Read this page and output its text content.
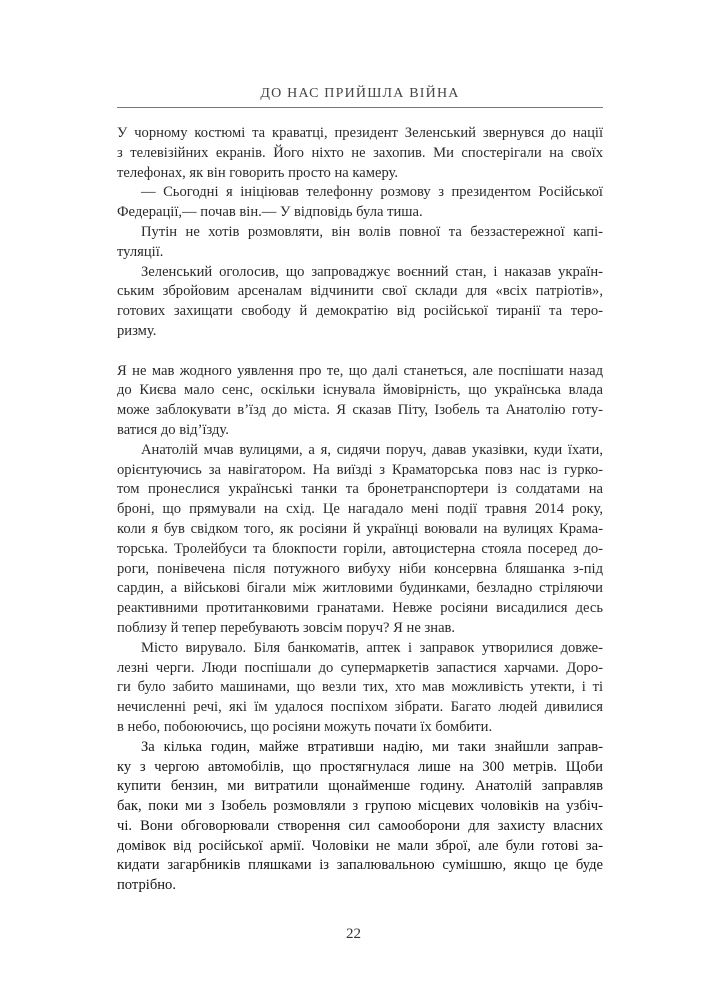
ДО НАС ПРИЙШЛА ВІЙНА
У чорному костюмі та краватці, президент Зеленський звернувся до нації
з телевізійних екранів. Його ніхто не захопив. Ми спостерігали на своїх
телефонах, як він говорить просто на камеру.
— Сьогодні я ініціював телефонну розмову з президентом Російської
Федерації,— почав він.— У відповідь була тиша.
Путін не хотів розмовляти, він волів повної та беззастережної капі-
туляції.
Зеленський оголосив, що запроваджує воєнний стан, і наказав україн-
ським збройовим арсеналам відчинити свої склади для «всіх патріотів»,
готових захищати свободу й демократію від російської тиранії та теро-
ризму.
Я не мав жодного уявлення про те, що далі станеться, але поспішати назад
до Києва мало сенс, оскільки існувала ймовірність, що українська влада
може заблокувати в’їзд до міста. Я сказав Піту, Ізобель та Анатолію готу-
ватися до від’їзду.
Анатолій мчав вулицями, а я, сидячи поруч, давав указівки, куди їхати,
орієнтуючись за навігатором. На виїзді з Краматорська повз нас із гурко-
том пронеслися українські танки та бронетранспортери із солдатами на
броні, що прямували на схід. Це нагадало мені події травня 2014 року,
коли я був свідком того, як росіяни й українці воювали на вулицях Крама-
торська. Тролейбуси та блокпости горіли, автоцистерна стояла посеред до-
роги, понівечена після потужного вибуху ніби консервна бляшанка з-під
сардин, а військові бігали між житловими будинками, безладно стріляючи
реактивними протитанковими гранатами. Невже росіяни висадилися десь
поблизу й тепер перебувають зовсім поруч? Я не знав.
Місто вирувало. Біля банкоматів, аптек і заправок утворилися довже-
лезні черги. Люди поспішали до супермаркетів запастися харчами. Доро-
ги було забито машинами, що везли тих, хто мав можливість утекти, і ті
нечисленні речі, які їм удалося поспіхом зібрати. Багато людей дивилися
в небо, побоюючись, що росіяни можуть почати їх бомбити.
За кілька годин, майже втративши надію, ми таки знайшли заправ-
ку з чергою автомобілів, що простягнулася лише на 300 метрів. Щоби
купити бензин, ми витратили щонайменше годину. Анатолій заправляв
бак, поки ми з Ізобель розмовляли з групою місцевих чоловіків на узбіч-
чі. Вони обговорювали створення сил самооборони для захисту власних
домівок від російської армії. Чоловіки не мали зброї, але були готові за-
кидати загарбників пляшками із запалювальною сумішшю, якщо це буде
потрібно.
22
